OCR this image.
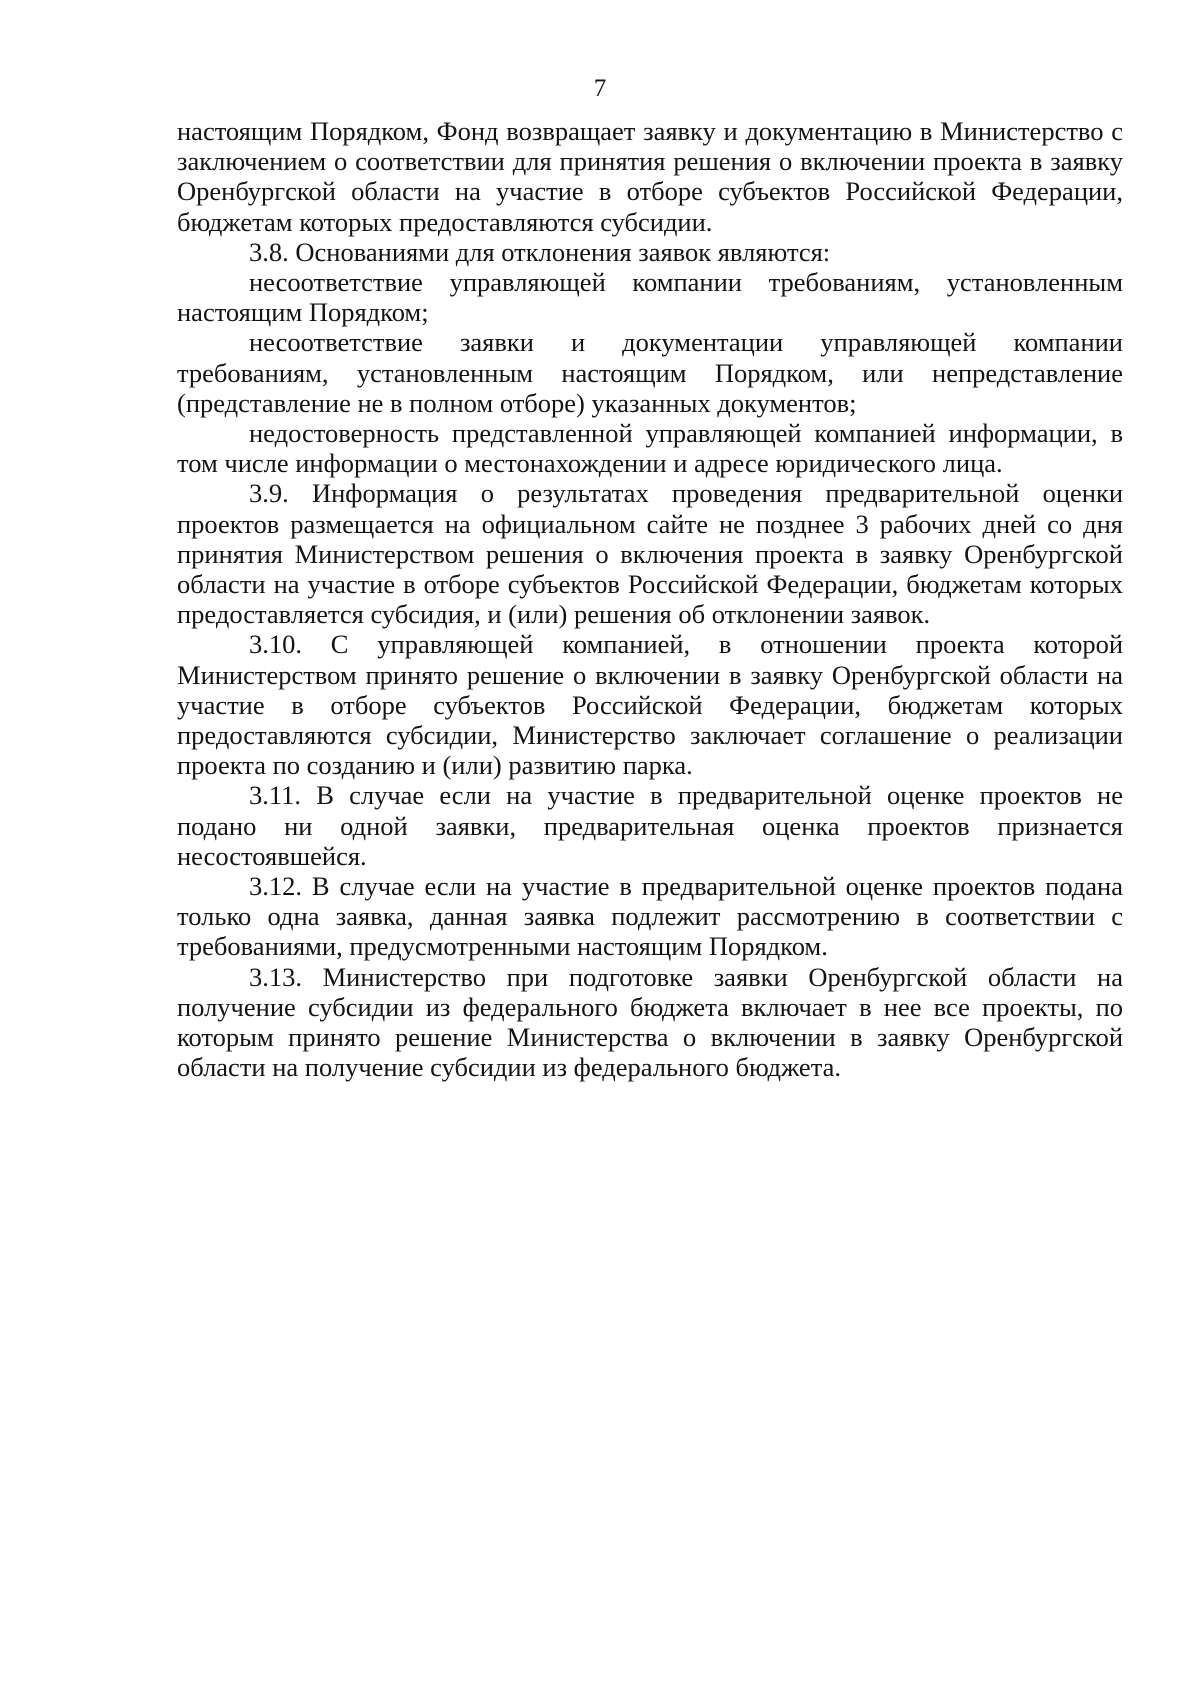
7

настоящим Порядком, Фонд возвращает заявку и документацию в Министерство с заключением о соответствии для принятия решения о включении проекта в заявку Оренбургской области на участие в отборе субъектов Российской Федерации, бюджетам которых предоставляются субсидии.

3.8. Основаниями для отклонения заявок являются:

несоответствие управляющей компании требованиям, установленным настоящим Порядком;

несоответствие заявки и документации управляющей компании требованиям, установленным настоящим Порядком, или непредставление (представление не в полном отборе) указанных документов;

недостоверность представленной управляющей компанией информации, в том числе информации о местонахождении и адресе юридического лица.

3.9. Информация о результатах проведения предварительной оценки проектов размещается на официальном сайте не позднее 3 рабочих дней со дня принятия Министерством решения о включения проекта в заявку Оренбургской области на участие в отборе субъектов Российской Федерации, бюджетам которых предоставляется субсидия, и (или) решения об отклонении заявок.

3.10. С управляющей компанией, в отношении проекта которой Министерством принято решение о включении в заявку Оренбургской области на участие в отборе субъектов Российской Федерации, бюджетам которых предоставляются субсидии, Министерство заключает соглашение о реализации проекта по созданию и (или) развитию парка.

3.11. В случае если на участие в предварительной оценке проектов не подано ни одной заявки, предварительная оценка проектов признается несостоявшейся.

3.12. В случае если на участие в предварительной оценке проектов подана только одна заявка, данная заявка подлежит рассмотрению в соответствии с требованиями, предусмотренными настоящим Порядком.

3.13. Министерство при подготовке заявки Оренбургской области на получение субсидии из федерального бюджета включает в нее все проекты, по которым принято решение Министерства о включении в заявку Оренбургской области на получение субсидии из федерального бюджета.
